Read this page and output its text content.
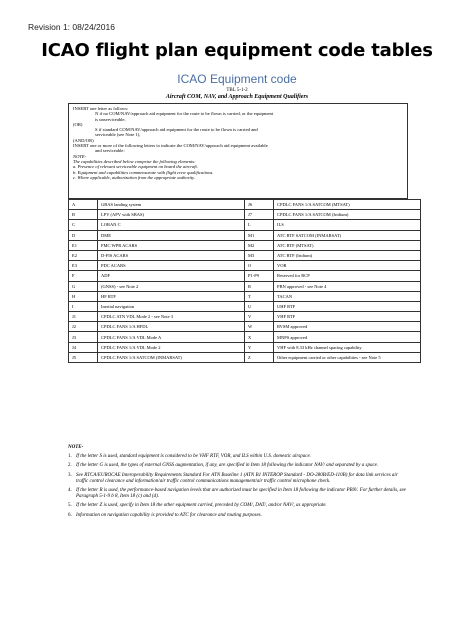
Revision 1: 08/24/2016
ICAO flight plan equipment code tables
ICAO Equipment code
TBL 5-1-2
Aircraft COM, NAV, and Approach Equipment Qualifiers
INSERT one letter as follows:
N if no COM/NAV/approach aid equipment for the route to be flown is carried, or the equipment
is unserviceable,
(OR)
S if standard COM/NAV/approach aid equipment for the route to be flown is carried and
serviceable (see Note 1),
(AND/OR)
INSERT one or more of the following letters to indicate the COM/NAV/approach aid equipment available
and serviceable:
NOTE-
The capabilities described below comprise the following elements:
a. Presence of relevant serviceable equipment on board the aircraft.
b. Equipment and capabilities commensurate with flight crew qualifications.
c. Where applicable, authorization from the appropriate authority.
A	GBAS landing system	J6	CPDLC FANS 1/A SATCOM (MTSAT)
B	LPV (APV with SBAS)	J7	CPDLC FANS 1/A SATCOM (Iridium)
C	LORAN C	L	ILS
D	DME	M1	ATC RTF SATCOM (INMARSAT)
E1	FMC WPR ACARS	M2	ATC RTF (MTSAT)
E2	D-FIS ACARS	M3	ATC RTF (Iridium)
E3	PDC ACARS	O	VOR
F	ADF	P1-P9	Reserved for RCP
G	(GNSS) - see Note 2	R	PBN approved - see Note 4
H	HF RTF	T	TACAN
I	Inertial navigation	U	UHF RTF
J1	CPDLC ATN VDL Mode 2 - see Note 3	V	VHF RTF
J2	CPDLC FANS 1/A HFDL	W	RVSM approved
J3	CPDLC FANS 1/A VDL Mode A	X	MNPS approved
J4	CPDLC FANS 1/A VDL Mode 2	Y	VHF with 8.33 kHz channel spacing capability
J5	CPDLC FANS 1/A SATCOM (INMARSAT)	Z	Other equipment carried or other capabilities - see Note 5
NOTE-
1. If the letter S is used, standard equipment is considered to be VHF RTF, VOR, and ILS within U.S. domestic airspace.
2. If the letter G is used, the types of external GNSS augmentation, if any, are specified in Item 18 following the indicator NAV/ and separated by a space.
3. See RTCA/EUROCAE Interoperability Requirements Standard For ATN Baseline 1 (ATN B1 INTEROP Standard - DO-280B/ED-110B) for data link services air traffic control clearance and information/air traffic control communications management/air traffic control microphone check.
4. If the letter R is used, the performance-based navigation levels that are authorized must be specified in Item 18 following the indicator PBN/. For further details, see Paragraph 5-1-9 b 8, Item 18 (c) and (d).
5. If the letter Z is used, specify in Item 18 the other equipment carried, preceded by COM/, DAT/, and/or NAV/, as appropriate.
6. Information on navigation capability is provided to ATC for clearance and routing purposes.
